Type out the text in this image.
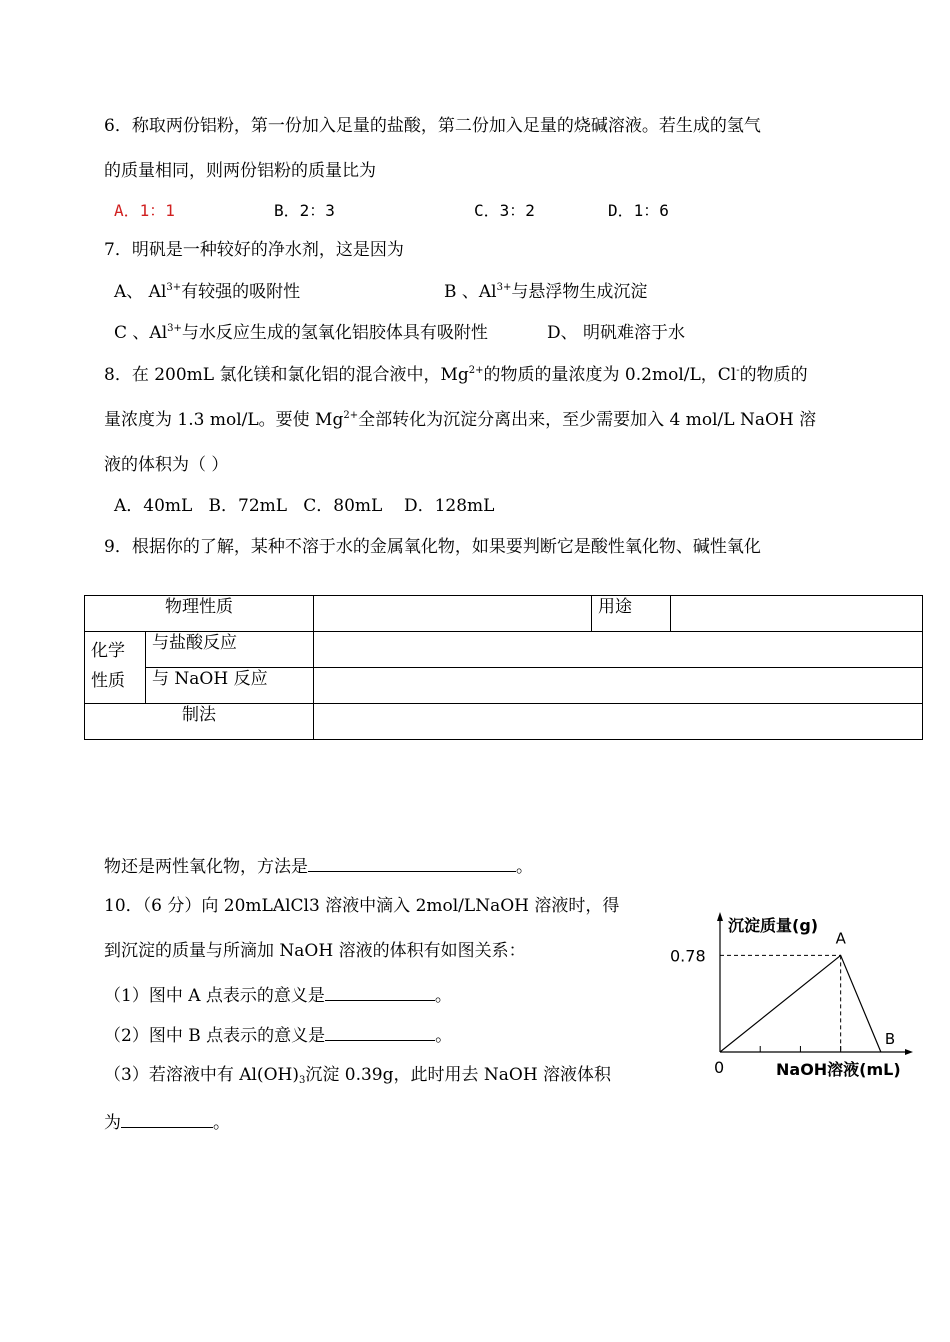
6．称取两份铝粉，第一份加入足量的盐酸，第二份加入足量的烧碱溶液。若生成的氢气
的质量相同，则两份铝粉的质量比为
A．1：1	B．2：3	C．3：2	D．1：6
7．明矾是一种较好的净水剂，这是因为
A、 $Al^{3+}$有较强的吸附性	B 、$Al^{3+}$与悬浮物生成沉淀
C 、$Al^{3+}$与水反应生成的氢氧化铝胶体具有吸附性	D、 明矾难溶于水
8．在 200mL 氯化镁和氯化铝的混合液中，$Mg^{2+}$的物质的量浓度为 0.2mol/L，Cl-的物质的
量浓度为 1.3 mol/L。要使 $Mg^{2+}$全部转化为沉淀分离出来，至少需要加入 4 mol/L NaOH 溶
液的体积为（ ）
A．40mL   B．72mL   C．80mL    D．128mL
9．根据你的了解，某种不溶于水的金属氧化物，如果要判断它是酸性氧化物、碱性氧化
物理性质			用途	
化学性质	与盐酸反应			
	与 NaOH 反应			
制法				
物还是两性氧化物，方法是	。
10．（6 分）向 20mLAlCl3 溶液中滴入 2mol/LNaOH 溶液时，得
到沉淀的质量与所滴加 NaOH 溶液的体积有如图关系：
（1）图中 A 点表示的意义是	。
（2）图中 B 点表示的意义是	。
（3）若溶液中有 $Al(OH)_3$沉淀 0.39g，此时用去 NaOH 溶液体积
为	。
沉淀质量(g)
0.78
A
B
0	NaOH溶液(mL)
